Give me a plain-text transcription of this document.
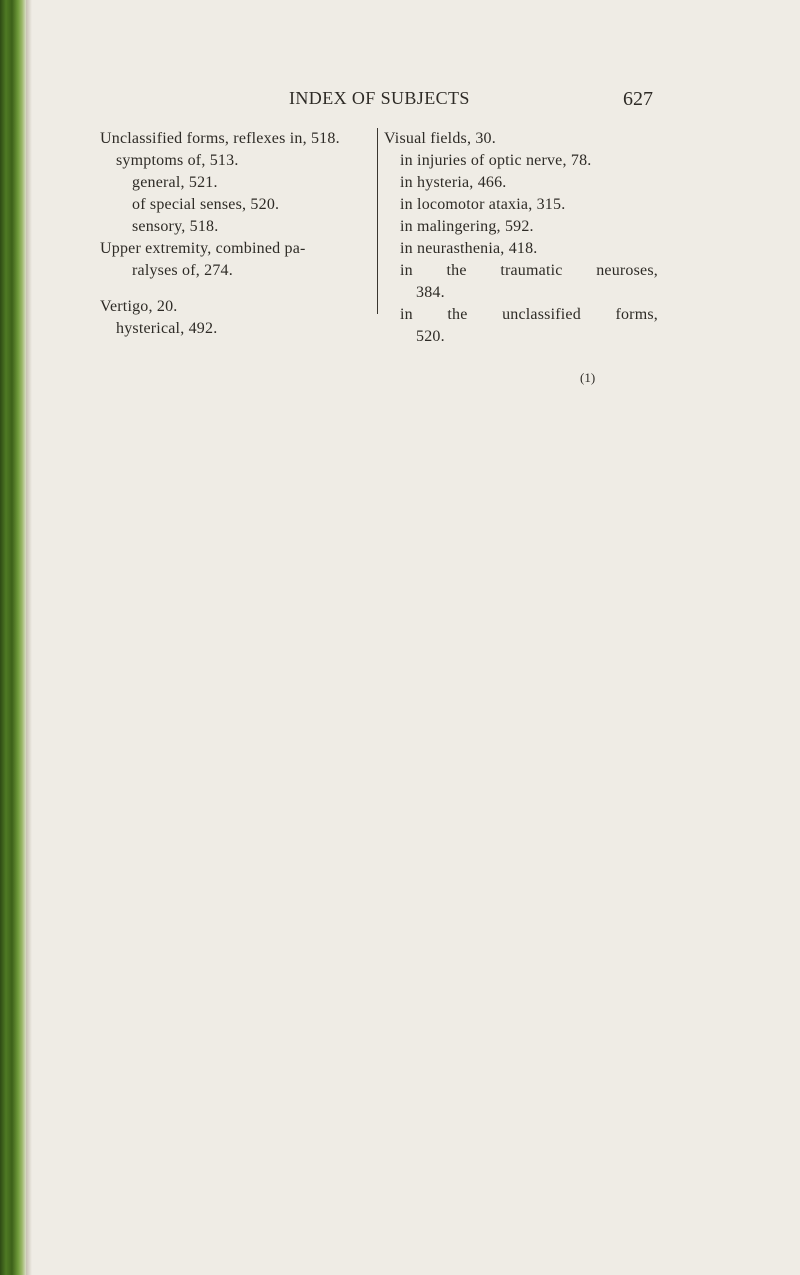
INDEX OF SUBJECTS	627
Unclassified forms, reflexes in, 518.
symptoms of, 513.
general, 521.
of special senses, 520.
sensory, 518.
Upper extremity, combined pa-
ralyses of, 274.
Vertigo, 20.
hysterical, 492.
Visual fields, 30.
in injuries of optic nerve, 78.
in hysteria, 466.
in locomotor ataxia, 315.
in malingering, 592.
in neurasthenia, 418.
in the traumatic neuroses,
384.
in the unclassified forms,
520.
(1)
